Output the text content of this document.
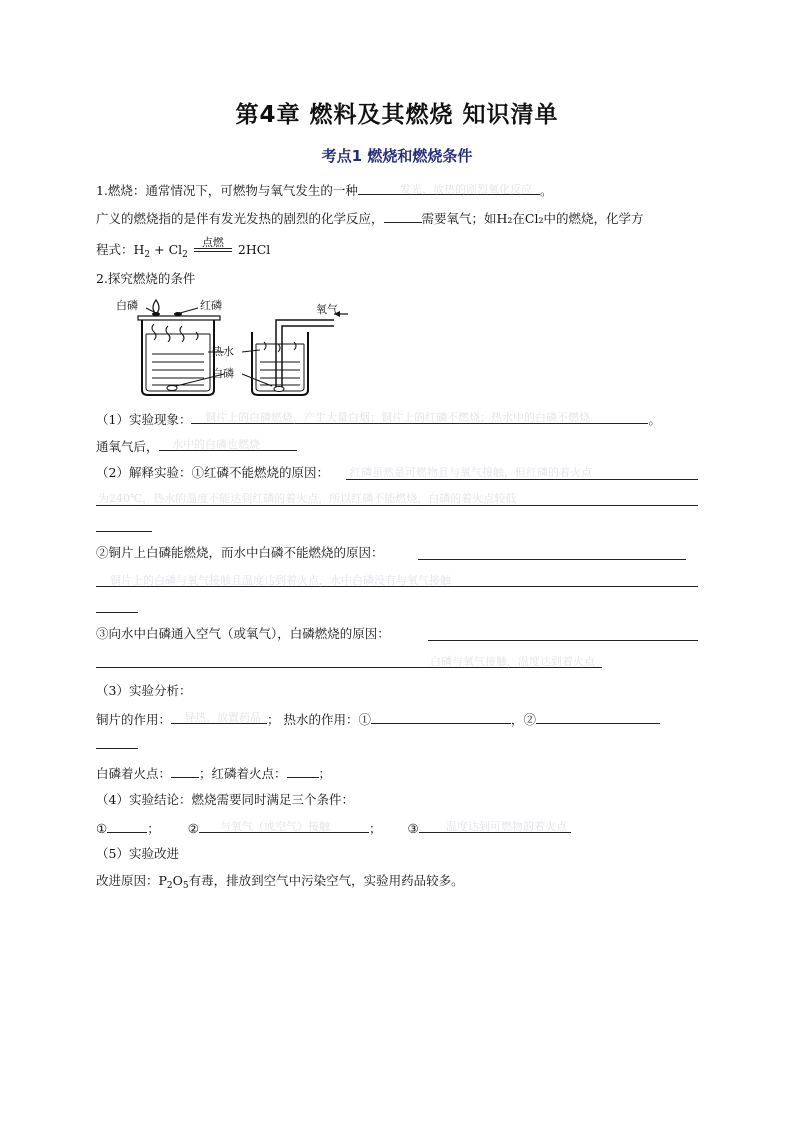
第4章 燃料及其燃烧 知识清单
考点1 燃烧和燃烧条件
1.燃烧：通常情况下，可燃物与氧气发生的一种	。
发光、放热的剧烈氧化反应
广义的燃烧指的是伴有发光发热的剧烈的化学反应，	需要氧气；如H₂在Cl₂中的燃烧，化学方
程式：$H_2 + Cl_2$
点燃	2HCl
2.探究燃烧的条件
白磷	红磷	氧气
热水
白磷
（1）实验现象：	。
铜片上的白磷燃烧，产生大量白烟；铜片上的红磷不燃烧；热水中的白磷不燃烧
通氧气后，	水中的白磷也燃烧
（2）解释实验：①红磷不能燃烧的原因： 红磷虽然是可燃物且与氧气接触，但红磷的着火点
为240℃，热水的温度不能达到红磷的着火点，所以红磷不能燃烧，白磷的着火点较低
②铜片上白磷能燃烧，而水中白磷不能燃烧的原因：
铜片上的白磷与氧气接触且温度达到着火点，水中白磷没有与氧气接触
③向水中白磷通入空气（或氧气），白磷燃烧的原因：
白磷与氧气接触，温度达到着火点
（3）实验分析：
铜片的作用：	； 热水的作用：①	，②
导热、放置药品
白磷着火点： ；红磷着火点：	；
（4）实验结论：燃烧需要同时满足三个条件：
①	； ②	； ③
与氧气（或空气）接触	温度达到可燃物的着火点
（5）实验改进
改进原因：$P_2O_5$有毒，排放到空气中污染空气，实验用药品较多。
